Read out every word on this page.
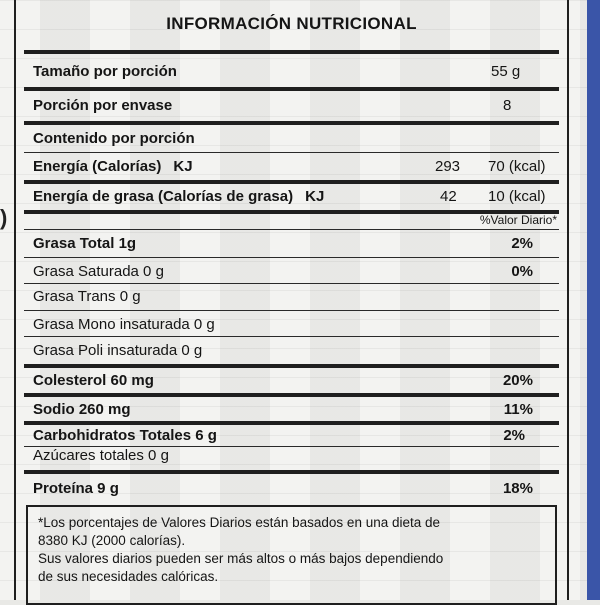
)
INFORMACIÓN NUTRICIONAL
Tamaño por porción	55 g
Porción por envase	8
Contenido por porción
Energía (Calorías) KJ	293 70 (kcal)
Energía de grasa (Calorías de grasa) KJ	42 10 (kcal)
%Valor Diario*
Grasa Total 1g	2%
Grasa Saturada 0 g	0%
Grasa Trans 0 g
Grasa Mono insaturada 0 g
Grasa Poli insaturada 0 g
Colesterol 60 mg	20%
Sodio 260 mg	11%
Carbohidratos Totales 6 g	2%
Azúcares totales 0 g
Proteína 9 g	18%
*Los porcentajes de Valores Diarios están basados en una dieta de
8380 KJ (2000 calorías).
Sus valores diarios pueden ser más altos o más bajos dependiendo
de sus necesidades calóricas.
